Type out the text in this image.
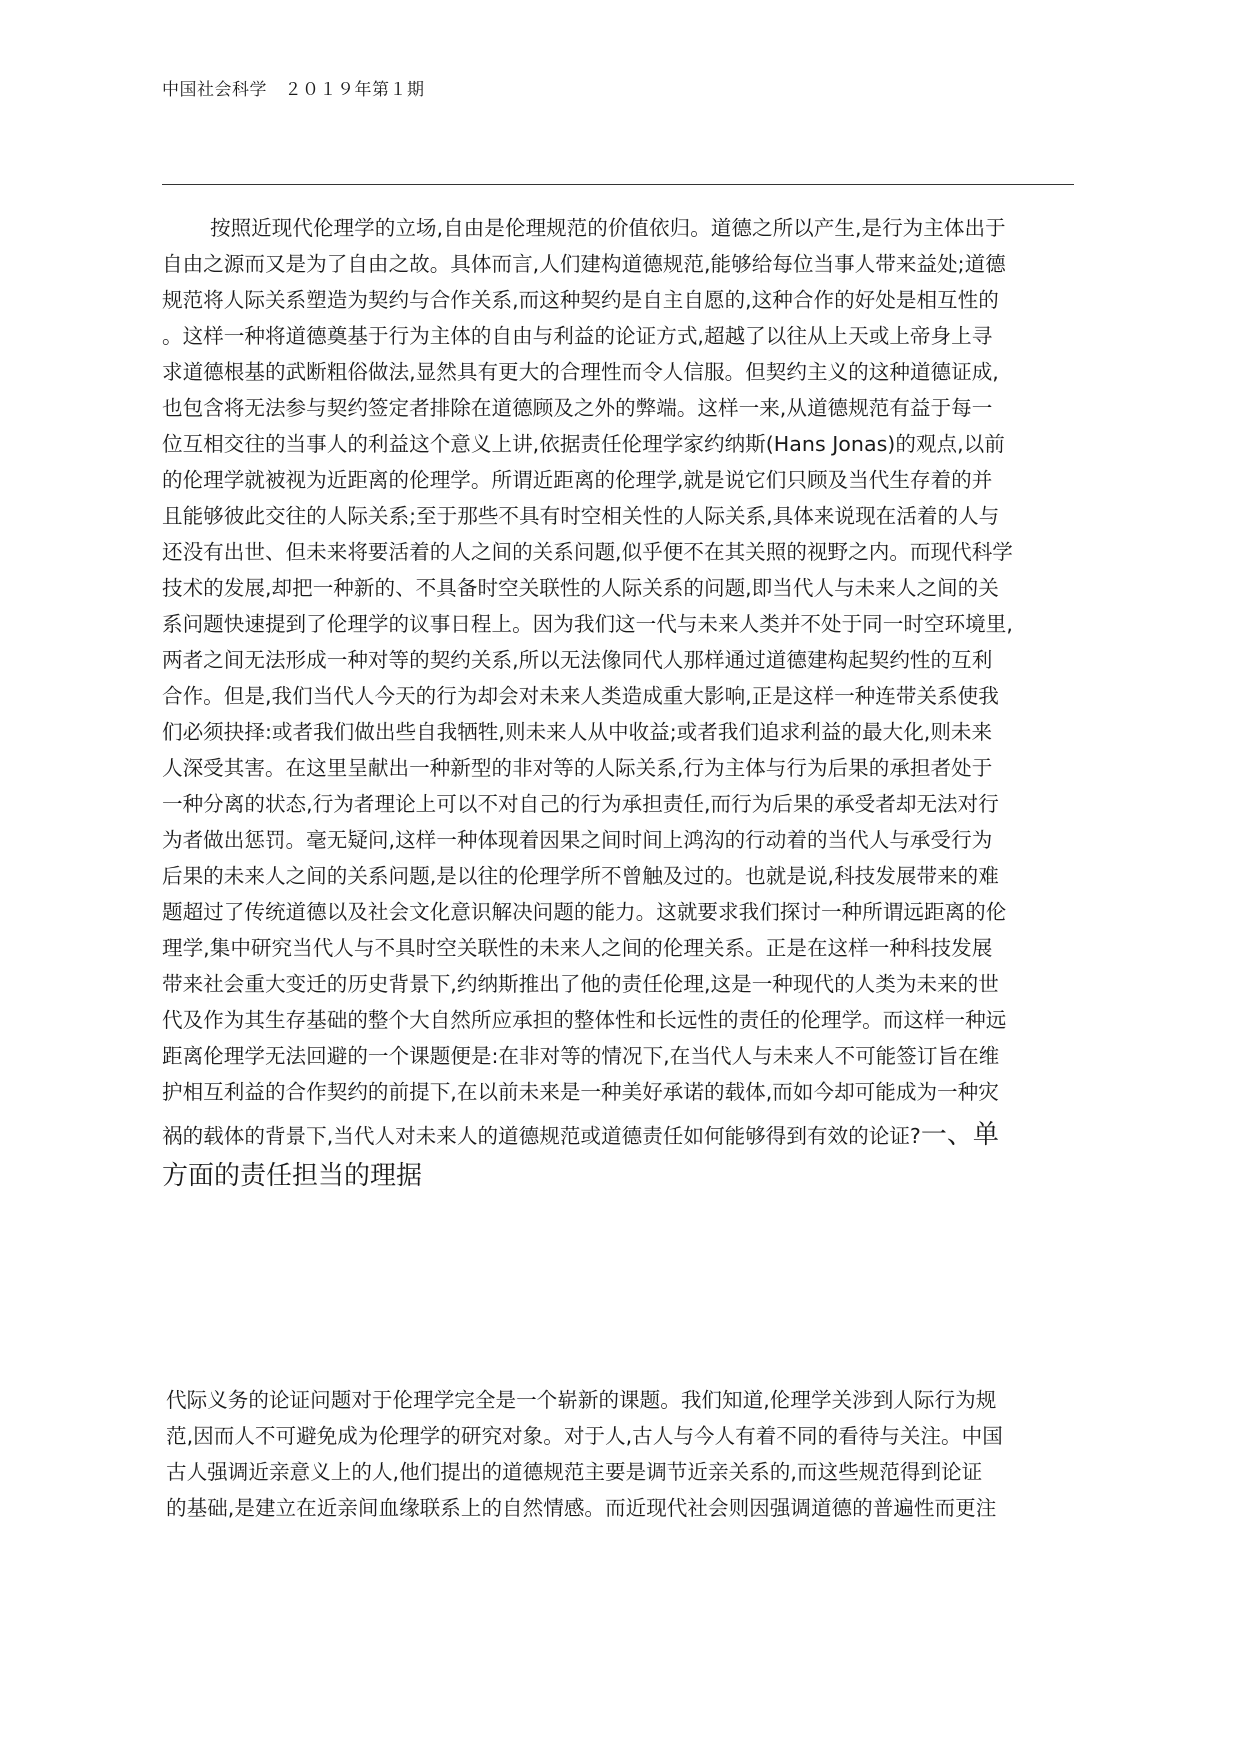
中国社会科学　２０１９年第１期
按照近现代伦理学的立场,自由是伦理规范的价值依归。道德之所以产生,是行为主体出于
自由之源而又是为了自由之故。具体而言,人们建构道德规范,能够给每位当事人带来益处;道德
规范将人际关系塑造为契约与合作关系,而这种契约是自主自愿的,这种合作的好处是相互性的
。这样一种将道德奠基于行为主体的自由与利益的论证方式,超越了以往从上天或上帝身上寻
求道德根基的武断粗俗做法,显然具有更大的合理性而令人信服。但契约主义的这种道德证成,
也包含将无法参与契约签定者排除在道德顾及之外的弊端。这样一来,从道德规范有益于每一
位互相交往的当事人的利益这个意义上讲,依据责任伦理学家约纳斯(Hans Jonas)的观点,以前
的伦理学就被视为近距离的伦理学。所谓近距离的伦理学,就是说它们只顾及当代生存着的并
且能够彼此交往的人际关系;至于那些不具有时空相关性的人际关系,具体来说现在活着的人与
还没有出世、但未来将要活着的人之间的关系问题,似乎便不在其关照的视野之内。而现代科学
技术的发展,却把一种新的、不具备时空关联性的人际关系的问题,即当代人与未来人之间的关
系问题快速提到了伦理学的议事日程上。因为我们这一代与未来人类并不处于同一时空环境里,
两者之间无法形成一种对等的契约关系,所以无法像同代人那样通过道德建构起契约性的互利
合作。但是,我们当代人今天的行为却会对未来人类造成重大影响,正是这样一种连带关系使我
们必须抉择:或者我们做出些自我牺牲,则未来人从中收益;或者我们追求利益的最大化,则未来
人深受其害。在这里呈献出一种新型的非对等的人际关系,行为主体与行为后果的承担者处于
一种分离的状态,行为者理论上可以不对自己的行为承担责任,而行为后果的承受者却无法对行
为者做出惩罚。毫无疑问,这样一种体现着因果之间时间上鸿沟的行动着的当代人与承受行为
后果的未来人之间的关系问题,是以往的伦理学所不曾触及过的。也就是说,科技发展带来的难
题超过了传统道德以及社会文化意识解决问题的能力。这就要求我们探讨一种所谓远距离的伦
理学,集中研究当代人与不具时空关联性的未来人之间的伦理关系。正是在这样一种科技发展
带来社会重大变迁的历史背景下,约纳斯推出了他的责任伦理,这是一种现代的人类为未来的世
代及作为其生存基础的整个大自然所应承担的整体性和长远性的责任的伦理学。而这样一种远
距离伦理学无法回避的一个课题便是:在非对等的情况下,在当代人与未来人不可能签订旨在维
护相互利益的合作契约的前提下,在以前未来是一种美好承诺的载体,而如今却可能成为一种灾
祸的载体的背景下,当代人对未来人的道德规范或道德责任如何能够得到有效的论证?一、单
方面的责任担当的理据
代际义务的论证问题对于伦理学完全是一个崭新的课题。我们知道,伦理学关涉到人际行为规
范,因而人不可避免成为伦理学的研究对象。对于人,古人与今人有着不同的看待与关注。中国
古人强调近亲意义上的人,他们提出的道德规范主要是调节近亲关系的,而这些规范得到论证
的基础,是建立在近亲间血缘联系上的自然情感。而近现代社会则因强调道德的普遍性而更注
